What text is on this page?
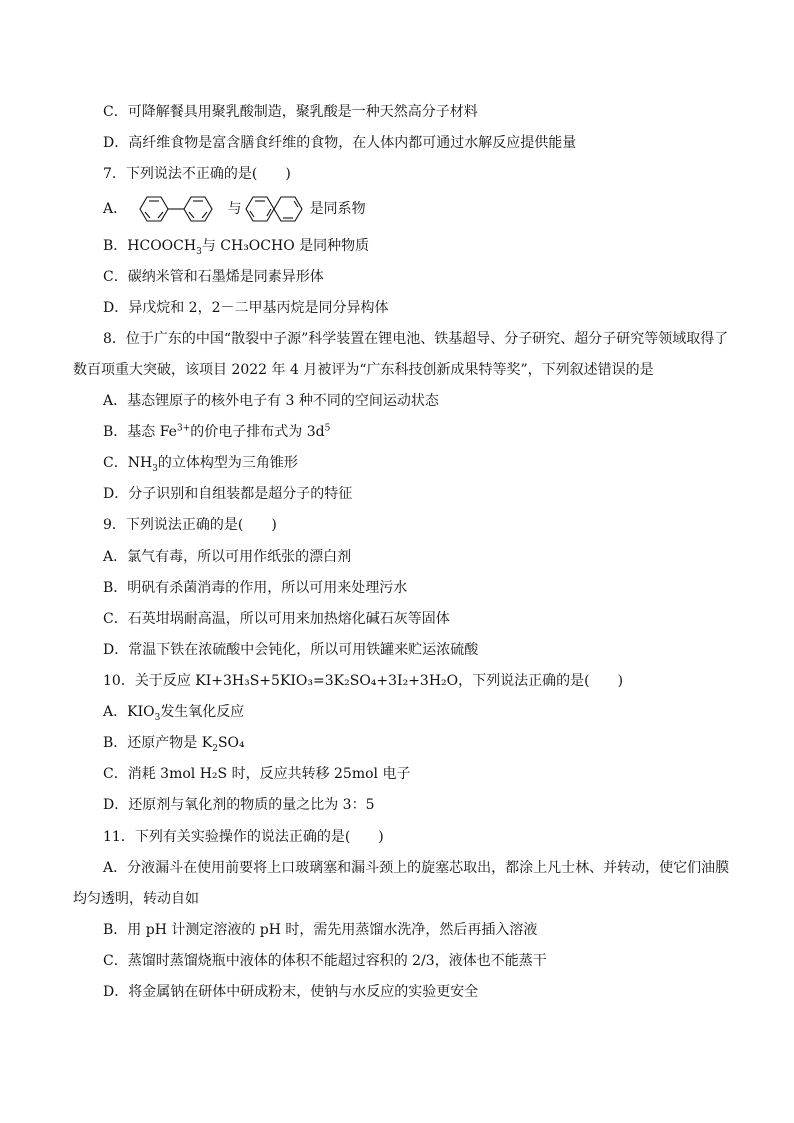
C．可降解餐具用聚乳酸制造，聚乳酸是一种天然高分子材料
D．高纤维食物是富含膳食纤维的食物，在人体内都可通过水解反应提供能量
7．下列说法不正确的是(　　)
A．	与	是同系物
B．$HCOOCH_3$与 CH₃OCHO 是同种物质
C．碳纳米管和石墨烯是同素异形体
D．异戊烷和 2，2－二甲基丙烷是同分异构体
8．位于广东的中国“散裂中子源”科学装置在锂电池、铁基超导、分子研究、超分子研究等领域取得了
数百项重大突破，该项目 2022 年 4 月被评为“广东科技创新成果特等奖”，下列叙述错误的是
A．基态锂原子的核外电子有 3 种不同的空间运动状态
B．基态 $Fe^{3+}$的价电子排布式为 $3d^5$
C．$NH_3$的立体构型为三角锥形
D．分子识别和自组装都是超分子的特征
9．下列说法正确的是(　　)
A．氯气有毒，所以可用作纸张的漂白剂
B．明矾有杀菌消毒的作用，所以可用来处理污水
C．石英坩埚耐高温，所以可用来加热熔化碱石灰等固体
D．常温下铁在浓硫酸中会钝化，所以可用铁罐来贮运浓硫酸
10．关于反应 KI+3H₃S+5KIO₃=3K₂SO₄+3I₂+3H₂O，下列说法正确的是(　　)
A．$KIO_3$发生氧化反应
B．还原产物是 $K_2SO_4$
C．消耗 3mol H₂S 时，反应共转移 25mol 电子
D．还原剂与氧化剂的物质的量之比为 3：5
11．下列有关实验操作的说法正确的是(　　)
A．分液漏斗在使用前要将上口玻璃塞和漏斗颈上的旋塞芯取出，都涂上凡士林、并转动，使它们油膜
均匀透明，转动自如
B．用 pH 计测定溶液的 pH 时，需先用蒸馏水洗净，然后再插入溶液
C．蒸馏时蒸馏烧瓶中液体的体积不能超过容积的 2/3，液体也不能蒸干
D．将金属钠在研体中研成粉末，使钠与水反应的实验更安全
